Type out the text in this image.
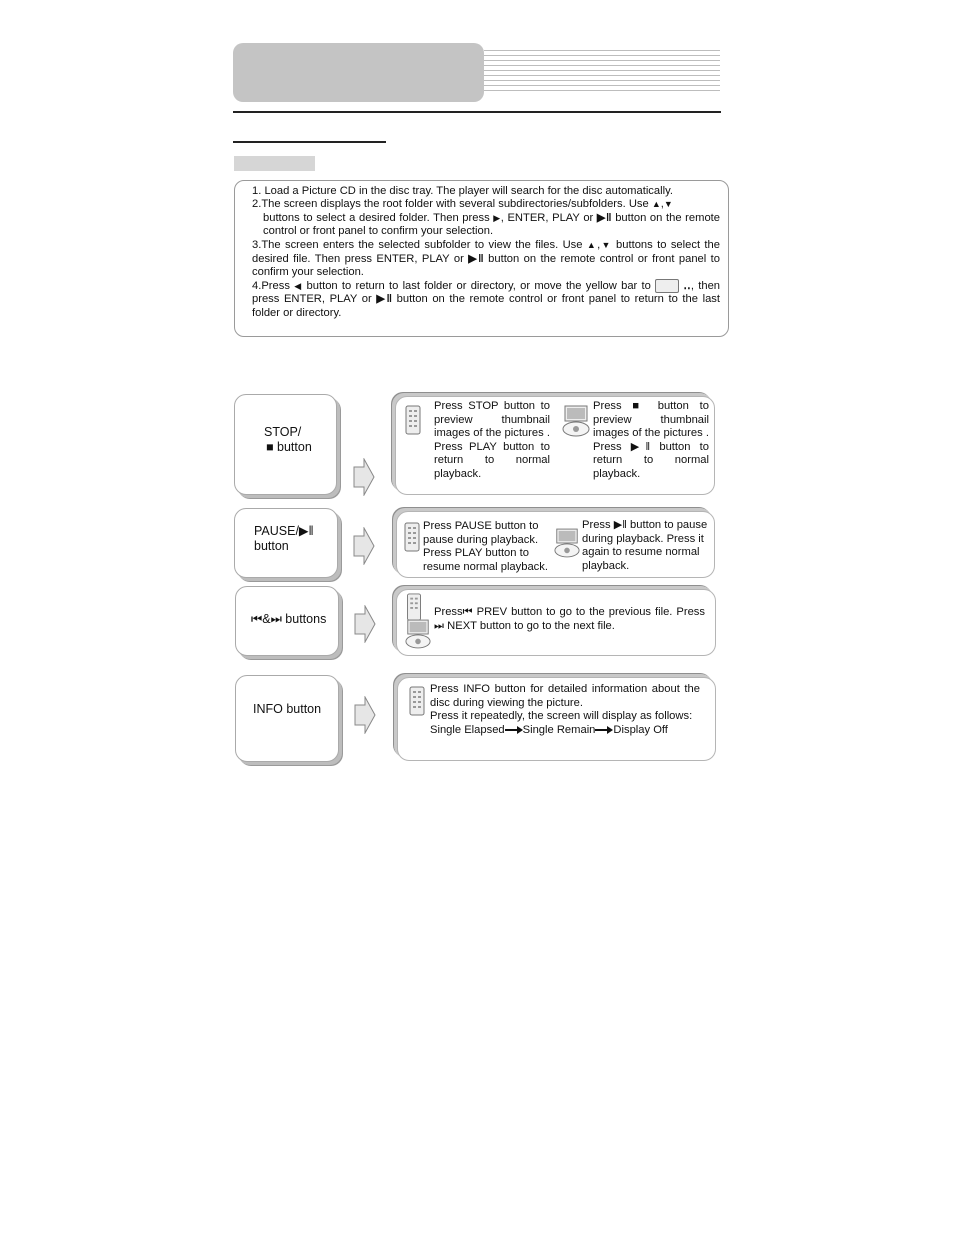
1. Load a Picture CD in the disc tray. The player will search for the disc automatically.
2.The screen displays the root folder with several subdirectories/subfolders. Use ▲,▼
buttons to select a desired folder. Then press ▶, ENTER, PLAY or ▶‖ button on the remote control or front panel to confirm your selection.
3.The screen enters the selected subfolder to view the files. Use ▲,▼ buttons to select the desired file. Then press ENTER, PLAY or ▶‖ button on the remote control or front panel to confirm your selection.
4.Press ◀ button to return to last folder or directory, or move the yellow bar to	‥, then press ENTER, PLAY or ▶‖ button on the remote control or front panel to return to the last folder or directory.
STOP/
■ button
Press STOP button to preview thumbnail images of the pictures . Press PLAY button to return to normal playback.
Press ■ button to preview thumbnail images of the pictures . Press ▶‖ button to return to normal playback.
PAUSE/▶‖
button
Press PAUSE button to pause during playback. Press PLAY button to resume normal playback.
Press ▶‖ button to pause during playback. Press it again to resume normal playback.
⏮&⏭ buttons	Press⏮ PREV button to go to the previous file. Press ⏭ NEXT button to go to the next file.
INFO button
Press INFO button for detailed information about the disc during viewing the picture.
Press it repeatedly, the screen will display as follows:
Single Elapsed Single Remain Display Off
